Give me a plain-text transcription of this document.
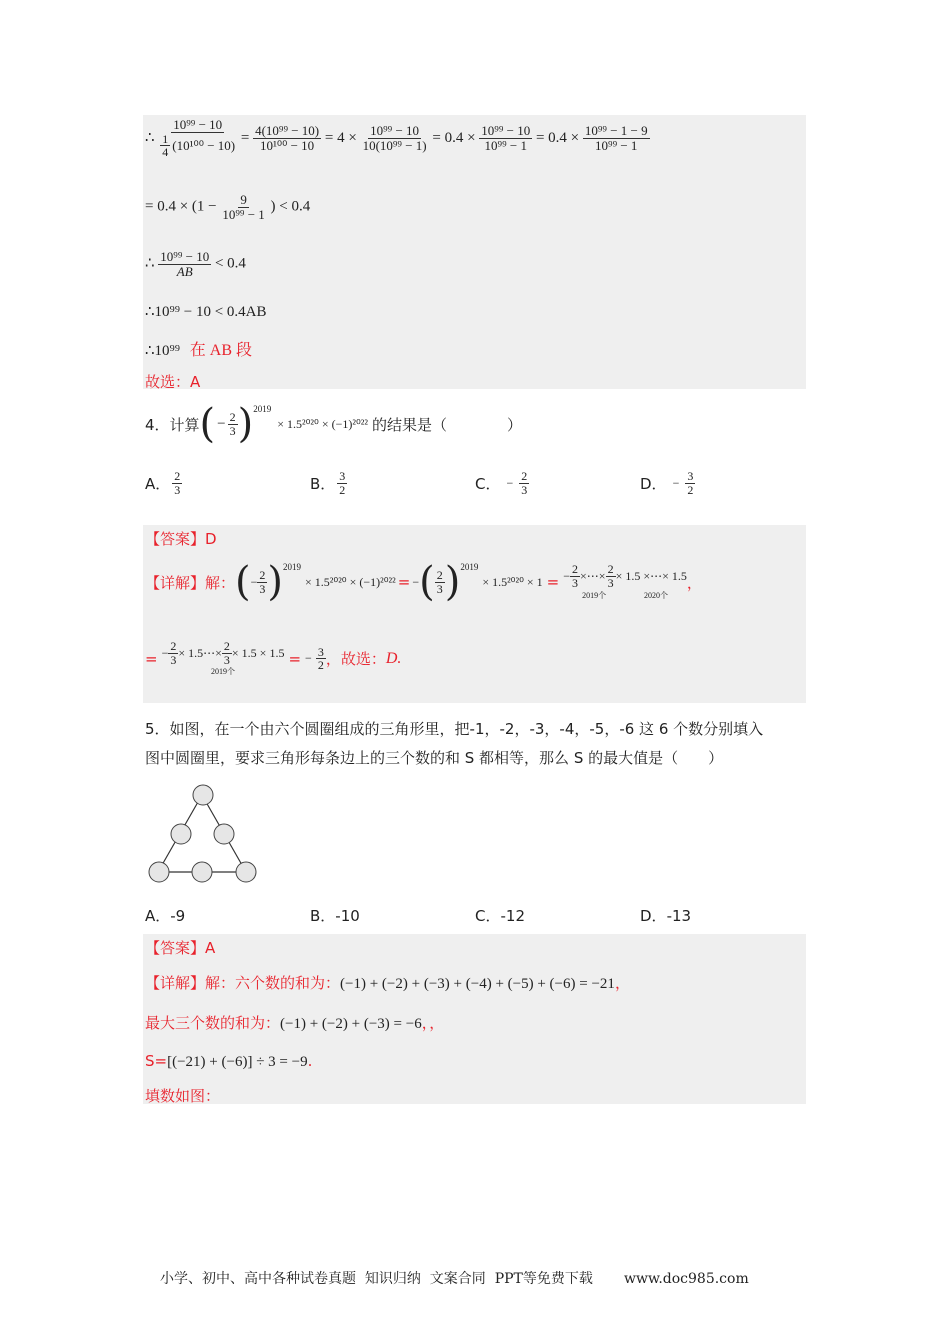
∴ $\frac{\text{10⁹⁹ − 10}}{\frac{1}{4} (10^{100} - 10)} = \frac{\text{4(10⁹⁹ − 10)}}{\text{10¹⁰⁰ − 10}} = 4 \times \frac{\text{10⁹⁹ − 10}}{\text{10(10⁹⁹ − 1)}} = 0.4 \times \frac{\text{10⁹⁹ − 10}}{\text{10⁹⁹ − 1}} = 0.4 \times \frac{\text{10⁹⁹ − 1 − 9}}{\text{10⁹⁹ − 1}}$
= $0.4 \times (1 - \frac{9}{\text{10⁹⁹ − 1}}$ ) < 0.4
∴ $\frac{\text{10⁹⁹ − 10}}{AB} < 0.4$
∴10⁹⁹ − 10 < 0.4AB
∴10⁹⁹ 在 AB 段
故选：A
4．计算 ( − $\frac{2}{3}$ ) 2019
× 1.5²⁰²⁰ × (−1)²⁰²² 的结果是（	）
A． $\frac{2}{3}$	B． $\frac{3}{2}$	C． − $\frac{2}{3}$	D． − $\frac{3}{2}$
【答案】D
【详解】解： ( − $\frac{2}{3}$ ) 2019
× 1.5²⁰²⁰ × (−1)²⁰²² = − ( $\frac{2}{3}$ ) 2019
× 1.5²⁰²⁰ × 1 = − $\frac{2}{3}$ ×⋯× $\frac{2}{3} \times 1.5$ ×⋯× 1.5
2019个	2020个
，
= − $\frac{2}{3}$ × 1.5⋯× $\frac{2}{3} \times 1.5 \times 1.5$
2019个
= − $\frac{3}{2}$ ，故选： D.
5．如图，在一个由六个圆圈组成的三角形里，把-1，-2，-3，-4，-5，-6 这 6 个数分别填入
图中圆圈里，要求三角形每条边上的三个数的和 S 都相等，那么 S 的最大值是（　　）
A．-9	B．-10	C．-12	D．-13
【答案】A
【详解】解：六个数的和为：(−1) + (−2) + (−3) + (−4) + (−5) + (−6) = −21，
最大三个数的和为：(−1) + (−2) + (−3) = −6，，
S=[(−21) + (−6)] ÷ 3 = −9.
填数如图：
小学、初中、高中各种试卷真题  知识归纳  文案合同  PPT等免费下载       www.doc985.com
